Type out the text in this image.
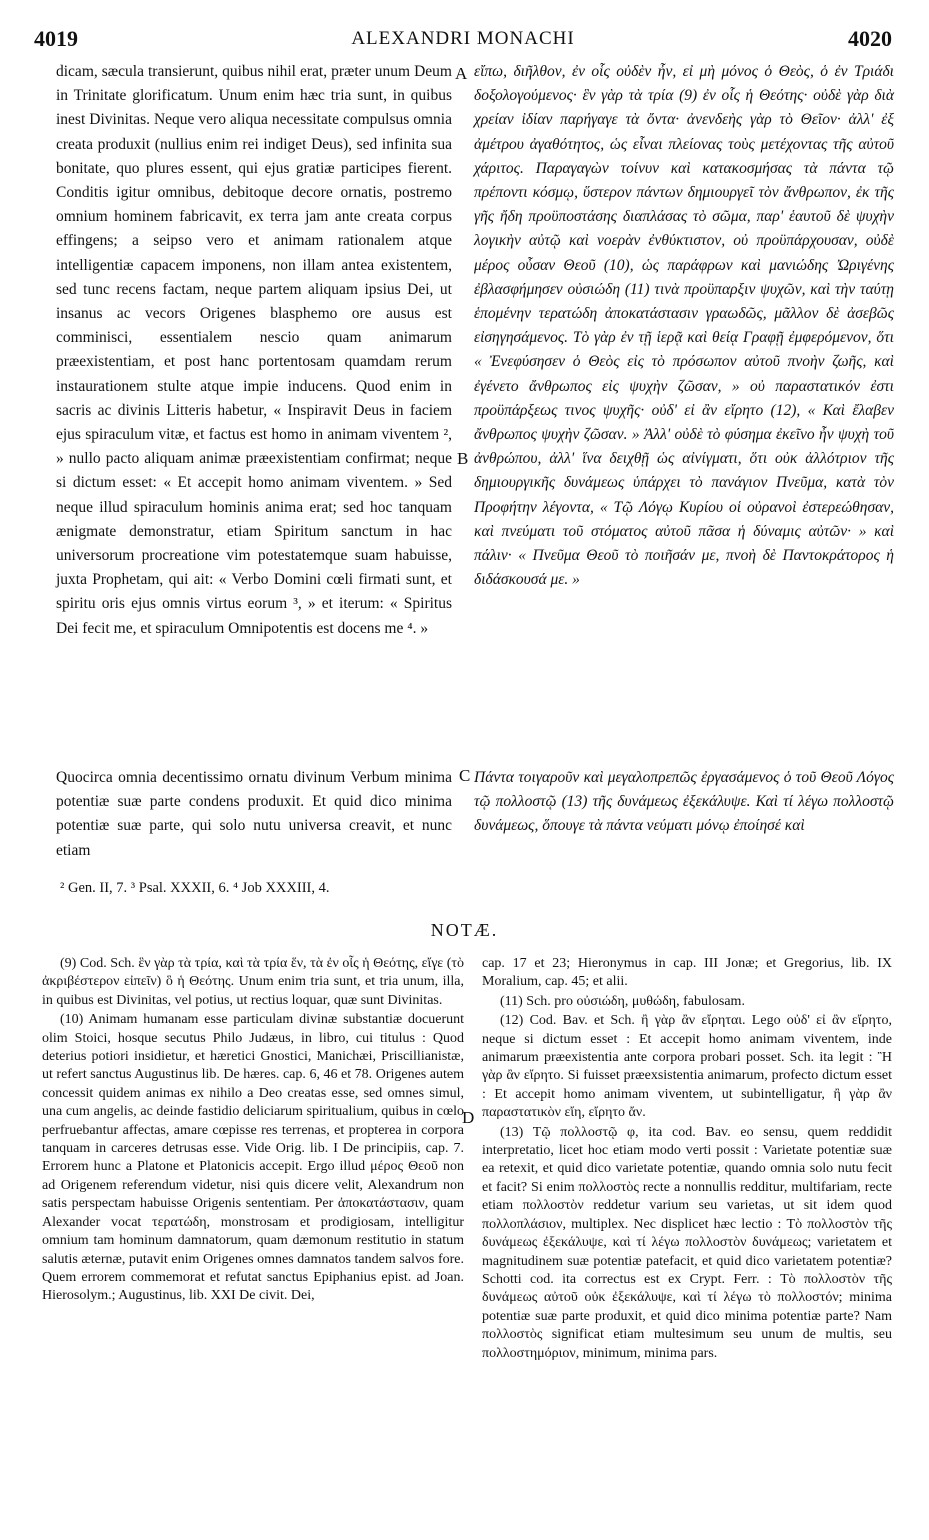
4019	ALEXANDRI MONACHI	4020
A
B
C
D

dicam, sæcula transierunt, quibus nihil erat, præter unum Deum in Trinitate glorificatum. Unum enim hæc tria sunt, in quibus inest Divinitas. Neque vero aliqua necessitate compulsus omnia creata produxit (nullius enim rei indiget Deus), sed infinita sua bonitate, quo plures essent, qui ejus gratiæ participes fierent. Conditis igitur omnibus, debitoque decore ornatis, postremo omnium hominem fabricavit, ex terra jam ante creata corpus effingens; a seipso vero et animam rationalem atque intelligentiæ capacem imponens, non illam antea existentem, sed tunc recens factam, neque partem aliquam ipsius Dei, ut insanus ac vecors Origenes blasphemo ore ausus est comminisci, essentialem nescio quam animarum præexistentiam, et post hanc portentosam quamdam rerum instaurationem stulte atque impie inducens. Quod enim in sacris ac divinis Litteris habetur, « Inspiravit Deus in faciem ejus spiraculum vitæ, et factus est homo in animam viventem ², » nullo pacto aliquam animæ præexistentiam confirmat; neque si dictum esset: « Et accepit homo animam viventem. » Sed neque illud spiraculum hominis anima erat; sed hoc tanquam ænigmate demonstratur, etiam Spiritum sanctum in hac universorum procreatione vim potestatemque suam habuisse, juxta Prophetam, qui ait: « Verbo Domini cœli firmati sunt, et spiritu oris ejus omnis virtus eorum ³, » et iterum: « Spiritus Dei fecit me, et spiraculum Omnipotentis est docens me ⁴. »

εἴπω, διῆλθον, ἐν οἷς οὐδὲν ἦν, εἰ μὴ μόνος ὁ Θεὸς, ὁ ἐν Τριάδι δοξολογούμενος· ἓν γὰρ τὰ τρία (9) ἐν οἷς ἡ Θεότης· οὐδὲ γὰρ διὰ χρείαν ἰδίαν παρήγαγε τὰ ὄντα· ἀνενδεὴς γὰρ τὸ Θεῖον· ἀλλ' ἐξ ἀμέτρου ἀγαθότητος, ὡς εἶναι πλείονας τοὺς μετέχοντας τῆς αὐτοῦ χάριτος. Παραγαγὼν τοίνυν καὶ κατακοσμήσας τὰ πάντα τῷ πρέποντι κόσμῳ, ὕστερον πάντων δημιουργεῖ τὸν ἄνθρωπον, ἐκ τῆς γῆς ἤδη προϋποστάσης διαπλάσας τὸ σῶμα, παρ' ἑαυτοῦ δὲ ψυχὴν λογικὴν αὐτῷ καὶ νοερὰν ἐνθύκτιστον, οὐ προϋπάρχουσαν, οὐδὲ μέρος οὖσαν Θεοῦ (10), ὡς παράφρων καὶ μανιώδης Ὠριγένης ἐβλασφήμησεν οὐσιώδη (11) τινὰ προϋπαρξιν ψυχῶν, καὶ τὴν ταύτῃ ἑπομένην τερατώδη ἀποκατάστασιν γραωδῶς, μᾶλλον δὲ ἀσεβῶς εἰσηγησάμενος. Τὸ γὰρ ἐν τῇ ἱερᾷ καὶ θείᾳ Γραφῇ ἐμφερόμενον, ὅτι « Ἐνεφύσησεν ὁ Θεὸς εἰς τὸ πρόσωπον αὐτοῦ πνοὴν ζωῆς, καὶ ἐγένετο ἄνθρωπος εἰς ψυχὴν ζῶσαν, » οὐ παραστατικόν ἐστι προϋπάρξεως τινος ψυχῆς· οὐδ' εἰ ἂν εἴρητο (12), « Καὶ ἔλαβεν ἄνθρωπος ψυχὴν ζῶσαν. » Ἀλλ' οὐδὲ τὸ φύσημα ἐκεῖνο ἦν ψυχὴ τοῦ ἀνθρώπου, ἀλλ' ἵνα δειχθῇ ὡς αἰνίγματι, ὅτι οὐκ ἀλλότριον τῆς δημιουργικῆς δυνάμεως ὑπάρχει τὸ πανάγιον Πνεῦμα, κατὰ τὸν Προφήτην λέγοντα, « Τῷ Λόγῳ Κυρίου οἱ οὐρανοὶ ἐστερεώθησαν, καὶ πνεύματι τοῦ στόματος αὐτοῦ πᾶσα ἡ δύναμις αὐτῶν· » καὶ πάλιν· « Πνεῦμα Θεοῦ τὸ ποιῆσάν με, πνοὴ δὲ Παντοκράτορος ἡ διδάσκουσά με. »

Quocirca omnia decentissimo ornatu divinum Verbum minima potentiæ suæ parte condens produxit. Et quid dico minima potentiæ suæ parte, qui solo nutu universa creavit, et nunc etiam

Πάντα τοιγαροῦν καὶ μεγαλοπρεπῶς ἐργασάμενος ὁ τοῦ Θεοῦ Λόγος τῷ πολλοστῷ (13) τῆς δυνάμεως ἐξεκάλυψε. Καὶ τί λέγω πολλοστῷ δυνάμεως, ὅπουγε τὰ πάντα νεύματι μόνῳ ἐποίησέ καὶ

² Gen. II, 7. ³ Psal. XXXII, 6. ⁴ Job XXXIII, 4.
NOTÆ.

(9) Cod. Sch. ἓν γὰρ τὰ τρία, καὶ τὰ τρία ἕν, τὰ ἐν οἷς ἡ Θεότης, εἴγε (τὸ ἀκριβέστερον εἰπεῖν) ὃ ἡ Θεότης. Unum enim tria sunt, et tria unum, illa, in quibus est Divinitas, vel potius, ut rectius loquar, quæ sunt Divinitas.

(10) Animam humanam esse particulam divinæ substantiæ docuerunt olim Stoici, hosque secutus Philo Judæus, in libro, cui titulus : Quod deterius potiori insidietur, et hæretici Gnostici, Manichæi, Priscillianistæ, ut refert sanctus Augustinus lib. De hæres. cap. 6, 46 et 78. Origenes autem concessit quidem animas ex nihilo a Deo creatas esse, sed omnes simul, una cum angelis, ac deinde fastidio deliciarum spiritualium, quibus in cœlo perfruebantur affectas, amare cœpisse res terrenas, et propterea in corpora tanquam in carceres detrusas esse. Vide Orig. lib. I De principiis, cap. 7. Errorem hunc a Platone et Platonicis accepit. Ergo illud μέρος Θεοῦ non ad Origenem referendum videtur, nisi quis dicere velit, Alexandrum non satis perspectam habuisse Origenis sententiam. Per ἀποκατάστασιν, quam Alexander vocat τερατώδη, monstrosam et prodigiosam, intelligitur omnium tam hominum damnatorum, quam dæmonum restitutio in statum salutis æternæ, putavit enim Origenes omnes damnatos tandem salvos fore. Quem errorem commemorat et refutat sanctus Epiphanius epist. ad Joan. Hierosolym.; Augustinus, lib. XXI De civit. Dei,

cap. 17 et 23; Hieronymus in cap. III Jonæ; et Gregorius, lib. IX Moralium, cap. 45; et alii.

(11) Sch. pro οὐσιώδη, μυθώδη, fabulosam.

(12) Cod. Bav. et Sch. ἢ γὰρ ἂν εἴρηται. Lego οὐδ' εἰ ἂν εἴρητο, neque si dictum esset : Et accepit homo animam viventem, inde animarum præexistentia ante corpora probari posset. Sch. ita legit : Ἢ γὰρ ἂν εἴρητο. Si fuisset præexsistentia animarum, profecto dictum esset : Et accepit homo animam viventem, ut subintelligatur, ἢ γὰρ ἂν παραστατικὸν εἴη, εἴρητο ἄν.

(13) Τῷ πολλοστῷ φ, ita cod. Bav. eo sensu, quem reddidit interpretatio, licet hoc etiam modo verti possit : Varietate potentiæ suæ ea retexit, et quid dico varietate potentiæ, quando omnia solo nutu fecit et facit? Si enim πολλοστὸς recte a nonnullis redditur, multifariam, recte etiam πολλοστὸν reddetur varium seu varietas, ut sit idem quod πολλοπλάσιον, multiplex. Nec displicet hæc lectio : Τὸ πολλοστὸν τῆς δυνάμεως ἐξεκάλυψε, καὶ τί λέγω πολλοστὸν δυνάμεως; varietatem et magnitudinem suæ potentiæ patefacit, et quid dico varietatem potentiæ? Schotti cod. ita correctus est ex Crypt. Ferr. : Τὸ πολλοστὸν τῆς δυνάμεως αὐτοῦ οὐκ ἐξεκάλυψε, καὶ τί λέγω τὸ πολλοστόν; minima potentiæ suæ parte produxit, et quid dico minima potentiæ parte? Nam πολλοστὸς significat etiam multesimum seu unum de multis, seu πολλοστημόριον, minimum, minima pars.
